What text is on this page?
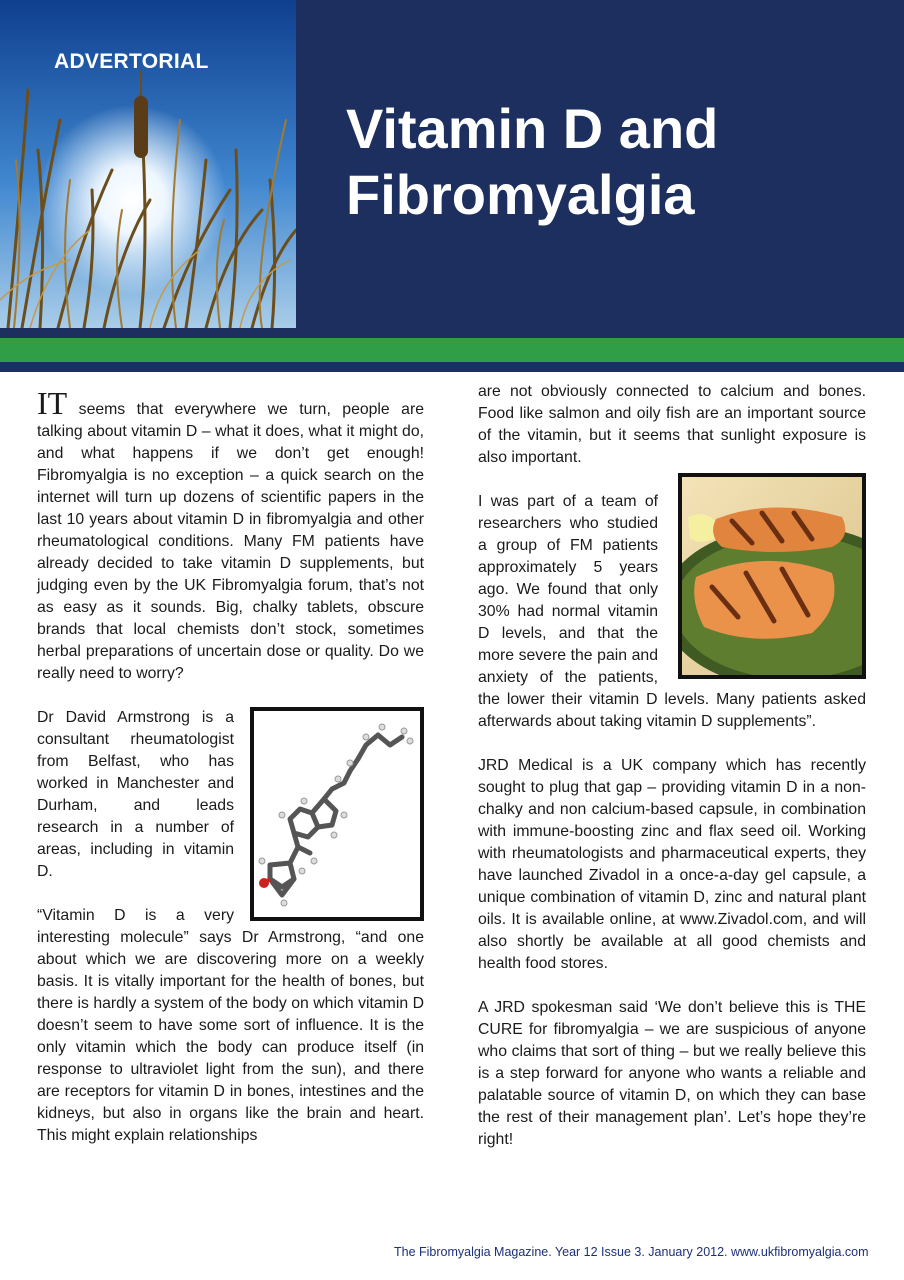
ADVERTORIAL
Vitamin D and Fibromyalgia

IT seems that everywhere we turn, people are talking about vitamin D – what it does, what it might do, and what happens if we don’t get enough! Fibromyalgia is no exception – a quick search on the internet will turn up dozens of scientific papers in the last 10 years about vitamin D in fibromyalgia and other rheumatological conditions. Many FM patients have already decided to take vitamin D supplements, but judging even by the UK Fibromyalgia forum, that’s not as easy as it sounds. Big, chalky tablets, obscure brands that local chemists don’t stock, sometimes herbal preparations of uncertain dose or quality. Do we really need to worry?

Dr David Armstrong is a consultant rheumatologist from Belfast, who has worked in Manchester and Durham, and leads research in a number of areas, including in vitamin D.

“Vitamin D is a very interesting molecule” says Dr Armstrong, “and one about which we are discovering more on a weekly basis. It is vitally important for the health of bones, but there is hardly a system of the body on which vitamin D doesn’t seem to have some sort of influence. It is the only vitamin which the body can produce itself (in response to ultraviolet light from the sun), and there are receptors for vitamin D in bones, intestines and the kidneys, but also in organs like the brain and heart. This might explain relationships

are not obviously connected to calcium and bones. Food like salmon and oily fish are an important source of the vitamin, but it seems that sunlight exposure is also important.

I was part of a team of researchers who studied a group of FM patients approximately 5 years ago. We found that only 30% had normal vitamin D levels, and that the more severe the pain and anxiety of the patients, the lower their vitamin D levels. Many patients asked afterwards about taking vitamin D supplements”.

JRD Medical is a UK company which has recently sought to plug that gap – providing vitamin D in a non-chalky and non calcium-based capsule, in combination with immune-boosting zinc and flax seed oil. Working with rheumatologists and pharmaceutical experts, they have launched Zivadol in a once-a-day gel capsule, a unique combination of vitamin D, zinc and natural plant oils. It is available online, at www.Zivadol.com, and will also shortly be available at all good chemists and health food stores.

A JRD spokesman said ‘We don’t believe this is THE CURE for fibromyalgia – we are suspicious of anyone who claims that sort of thing – but we really believe this is a step forward for anyone who wants a reliable and palatable source of vitamin D, on which they can base the rest of their management plan’. Let’s hope they’re right!

The Fibromyalgia Magazine. Year 12 Issue 3. January 2012. www.ukfibromyalgia.com
